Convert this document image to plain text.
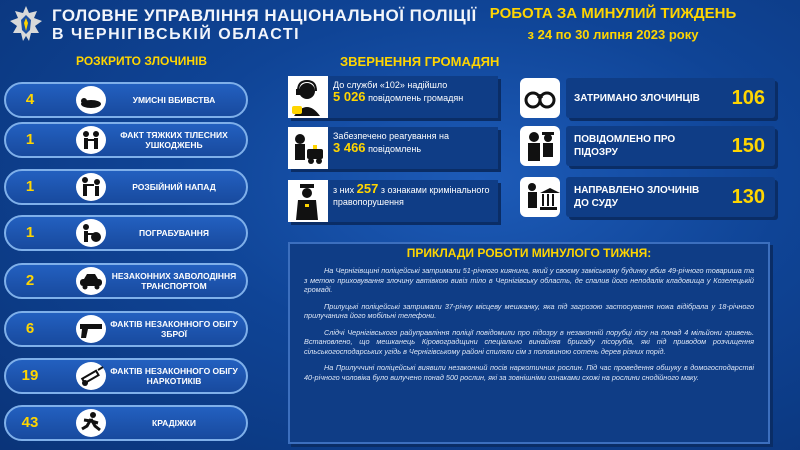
ГОЛОВНЕ УПРАВЛІННЯ НАЦІОНАЛЬНОЇ ПОЛІЦІЇ
В ЧЕРНІГІВСЬКІЙ ОБЛАСТІ
РОБОТА ЗА МИНУЛИЙ ТИЖДЕНЬ
з 24 по 30 липня 2023 року
РОЗКРИТО ЗЛОЧИНІВ
4	УМИСНІ ВБИВСТВА
1	ФАКТ ТЯЖКИХ ТІЛЕСНИХ УШКОДЖЕНЬ
1	РОЗБІЙНИЙ НАПАД
1	ПОГРАБУВАННЯ
2	НЕЗАКОННИХ ЗАВОЛОДІННЯ ТРАНСПОРТОМ
6	ФАКТІВ НЕЗАКОННОГО ОБІГУ ЗБРОЇ
19	ФАКТІВ НЕЗАКОННОГО ОБІГУ НАРКОТИКІВ
43	КРАДІЖКИ
ЗВЕРНЕННЯ ГРОМАДЯН
До служби «102» надійшло
5 026 повідомлень громадян
Забезпечено реагування на
3 466 повідомлень
з них 257 з ознаками кримінального правопорушення
ЗАТРИМАНО ЗЛОЧИНЦІВ	106
ПОВІДОМЛЕНО ПРО ПІДОЗРУ	150
НАПРАВЛЕНО ЗЛОЧИНІВ ДО СУДУ	130
ПРИКЛАДИ РОБОТИ МИНУЛОГО ТИЖНЯ:

На Чернігівщині поліцейські затримали 51-річного киянина, який у своєму заміському будинку вбив 49-річного товариша та з метою приховування злочину автівкою вивіз тіло в Чернігівську область, де спалив його неподалік кладовища у Козелецькій громаді.

Прилуцькі поліцейські затримали 37-річну місцеву мешканку, яка під загрозою застосування ножа відібрала у 18-річного прилучанина його мобільні телефони.

Слідчі Чернігівського райуправління поліції повідомили про підозру в незаконній порубці лісу на понад 4 мільйони гривень. Встановлено, що мешканець Кіровоградщини спеціально винайняв бригаду лісорубів, які під приводом розчищення сільськогосподарських угідь в Чернігівському районі спиляли сім з половиною сотень дерев різних порід.

На Прилуччині поліцейські виявили незаконний посів наркотичних рослин. Під час проведення обшуку в домогосподарстві 40-річного чоловіка було вилучено понад 500 рослин, які за зовнішніми ознаками схожі на рослини снодійного маку.
